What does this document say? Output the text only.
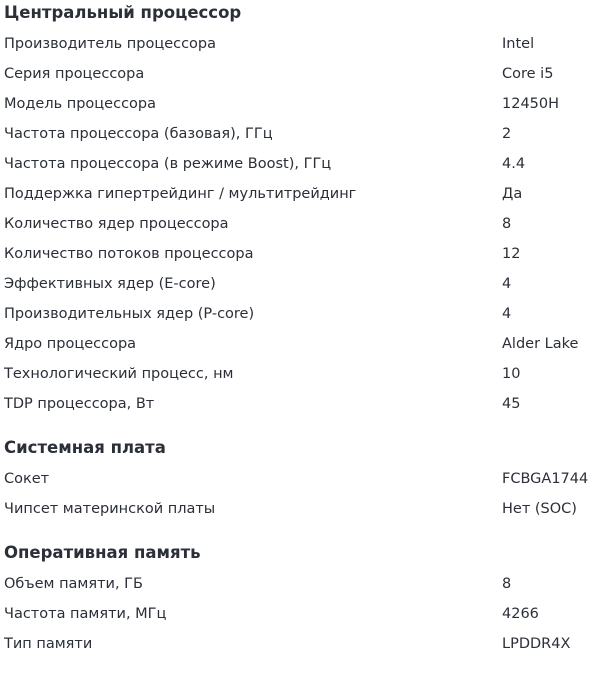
Центральный процессор
Производитель процессора	Intel
Серия процессора	Core i5
Модель процессора	12450H
Частота процессора (базовая), ГГц	2
Частота процессора (в режиме Boost), ГГц	4.4
Поддержка гипертрейдинг / мультитрейдинг	Да
Количество ядер процессора	8
Количество потоков процессора	12
Эффективных ядер (E-core)	4
Производительных ядер (P-core)	4
Ядро процессора	Alder Lake
Технологический процесс, нм	10
TDP процессора, Вт	45
Системная плата
Сокет	FCBGA1744
Чипсет материнской платы	Нет (SOC)
Оперативная память
Объем памяти, ГБ	8
Частота памяти, МГц	4266
Тип памяти	LPDDR4X
